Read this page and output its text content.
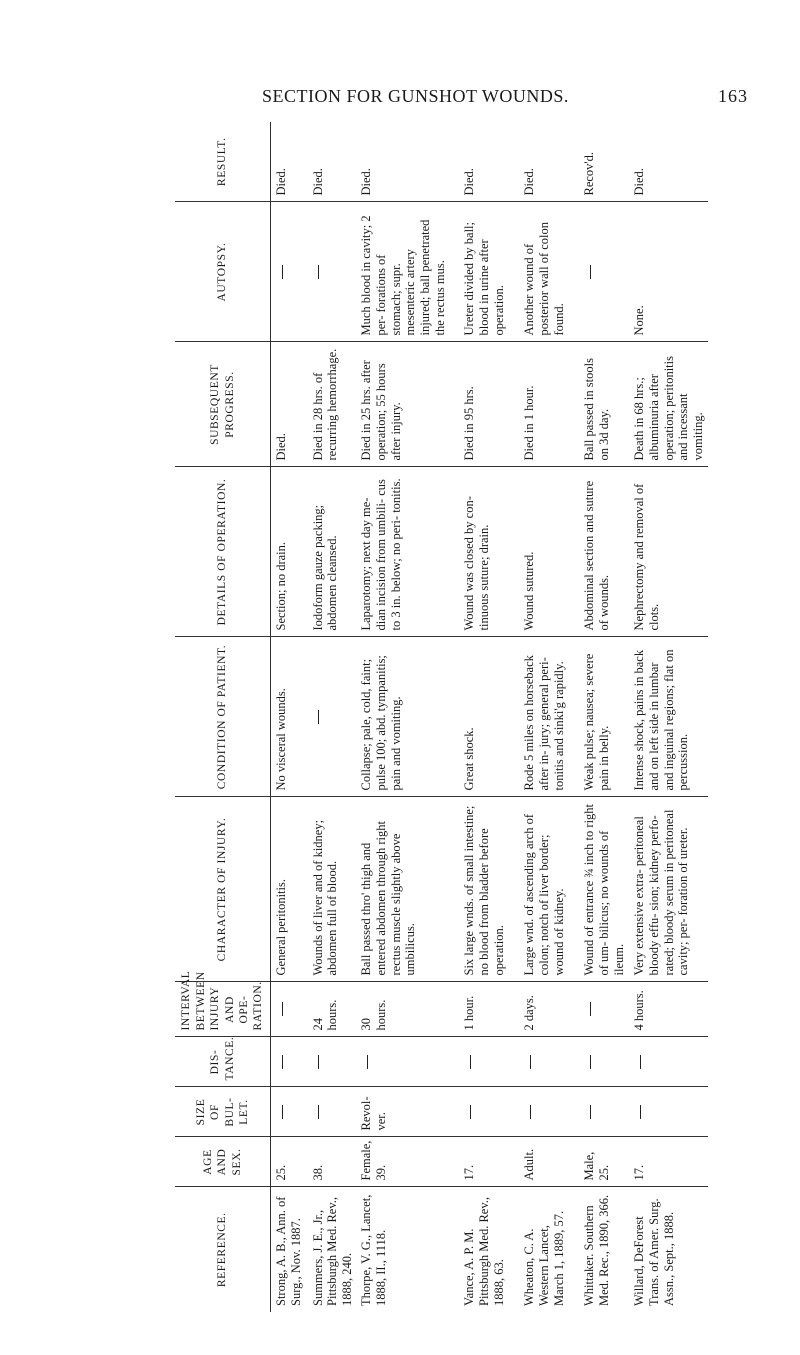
SECTION FOR GUNSHOT WOUNDS.	163
REFERENCE.	AGE AND SEX.	SIZE OF BUL- LET.	DIS- TANCE.	INTERVAL BETWEEN INJURY AND OPE- RATION.	CHARACTER OF INJURY.	CONDITION OF PATIENT.	DETAILS OF OPERATION.	SUBSEQUENT PROGRESS.	AUTOPSY.	RESULT.
Strong, A. B., Ann. of Surg., Nov. 1887.	25.				General peritonitis.	No visceral wounds.	Section; no drain.	Died.		Died.
Summers, J. E., Jr., Pittsburgh Med. Rev., 1888, 240.	38.			24 hours.	Wounds of liver and of kidney; abdomen full of blood.		Iodoform gauze packing; abdomen cleansed.	Died in 28 hrs. of recurring hemorrhage.		Died.
Thorpe, V. G., Lancet, 1888, II., 1118.	Female, 39.	Revol- ver.		30 hours.	Ball passed thro' thigh and entered abdomen through right rectus muscle slightly above umbilicus.	Collapse; pale, cold, faint; pulse 100; abd. tympanitis; pain and vomiting.	Laparotomy; next day me- dian incision from umbili- cus to 3 in. below; no peri- tonitis.	Died in 25 hrs. after operation; 55 hours after injury.	Much blood in cavity; 2 per- forations of stomach; supr. mesenteric artery injured; ball penetrated the rectus mus.	Died.
Vance, A. P. M. Pittsburgh Med. Rev., 1888, 63.	17.			1 hour.	Six large wnds. of small intestine; no blood from bladder before operation.	Great shock.	Wound was closed by con- tinuous suture; drain.	Died in 95 hrs.	Ureter divided by ball; blood in urine after operation.	Died.
Wheaton, C. A. Western Lancet, March 1, 1889, 57.	Adult.			2 days.	Large wnd. of ascending arch of colon; notch of liver border; wound of kidney.	Rode 5 miles on horseback after in- jury; general peri- tonitis and sinki'g rapidly.	Wound sutured.	Died in 1 hour.	Another wound of posterior wall of colon found.	Died.
Whittaker. Southern Med. Rec., 1890, 366.	Male, 25.				Wound of entrance ¾ inch to right of um- bilicus; no wounds of ileum.	Weak pulse; nausea; severe pain in belly.	Abdominal section and suture of wounds.	Ball passed in stools on 3d day.		Recov'd.
Willard, DeForest Trans. of Amer. Surg. Assn., Sept., 1888.	17.			4 hours.	Very extensive extra- peritoneal bloody effu- sion; kidney perfo- rated; bloody serum in peritoneal cavity; per- foration of ureter.	Intense shock, pains in back and on left side in lumbar and inguinal regions; flat on percussion.	Nephrectomy and removal of clots.	Death in 68 hrs.; albuminuria after operation; peritonitis and incessant vomiting.	None.	Died.
